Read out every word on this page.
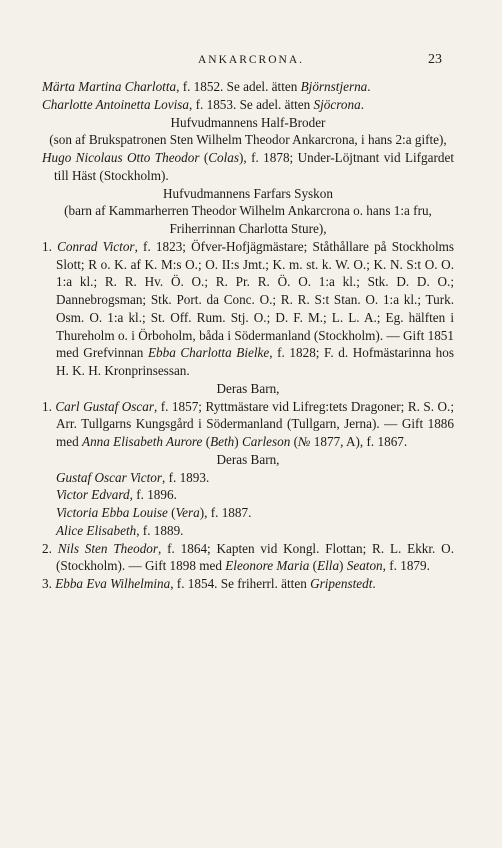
ANKARCRONA.	23

Märta Martina Charlotta, f. 1852. Se adel. ätten Björnstjerna.

Charlotte Antoinetta Lovisa, f. 1853. Se adel. ätten Sjöcrona.

Hufvudmannens Half-Broder

(son af Brukspatronen Sten Wilhelm Theodor Ankarcrona, i hans 2:a gifte),

Hugo Nicolaus Otto Theodor (Colas), f. 1878; Under-Löjtnant vid Lifgardet till Häst (Stockholm).

Hufvudmannens Farfars Syskon

(barn af Kammarherren Theodor Wilhelm Ankarcrona o. hans 1:a fru, Friherrinnan Charlotta Sture),

1. Conrad Victor, f. 1823; Öfver-Hofjägmästare; Ståthållare på Stockholms Slott; R o. K. af K. M:s O.; O. II:s Jmt.; K. m. st. k. W. O.; K. N. S:t O. O. 1:a kl.; R. R. Hv. Ö. O.; R. Pr. R. Ö. O. 1:a kl.; Stk. D. D. O.; Dannebrogsman; Stk. Port. da Conc. O.; R. R. S:t Stan. O. 1:a kl.; Turk. Osm. O. 1:a kl.; St. Off. Rum. Stj. O.; D. F. M.; L. L. A.; Eg. hälften i Thureholm o. i Örboholm, båda i Södermanland (Stockholm). — Gift 1851 med Grefvinnan Ebba Charlotta Bielke, f. 1828; F. d. Hofmästarinna hos H. K. H. Kronprinsessan.

Deras Barn,

1. Carl Gustaf Oscar, f. 1857; Ryttmästare vid Lifreg:tets Dragoner; R. S. O.; Arr. Tullgarns Kungsgård i Södermanland (Tullgarn, Jerna). — Gift 1886 med Anna Elisabeth Aurore (Beth) Carleson (№ 1877, A), f. 1867.

Deras Barn,

Gustaf Oscar Victor, f. 1893.

Victor Edvard, f. 1896.

Victoria Ebba Louise (Vera), f. 1887.

Alice Elisabeth, f. 1889.

2. Nils Sten Theodor, f. 1864; Kapten vid Kongl. Flottan; R. L. Ekkr. O. (Stockholm). — Gift 1898 med Eleonore Maria (Ella) Seaton, f. 1879.

3. Ebba Eva Wilhelmina, f. 1854. Se friherrl. ätten Gripenstedt.
